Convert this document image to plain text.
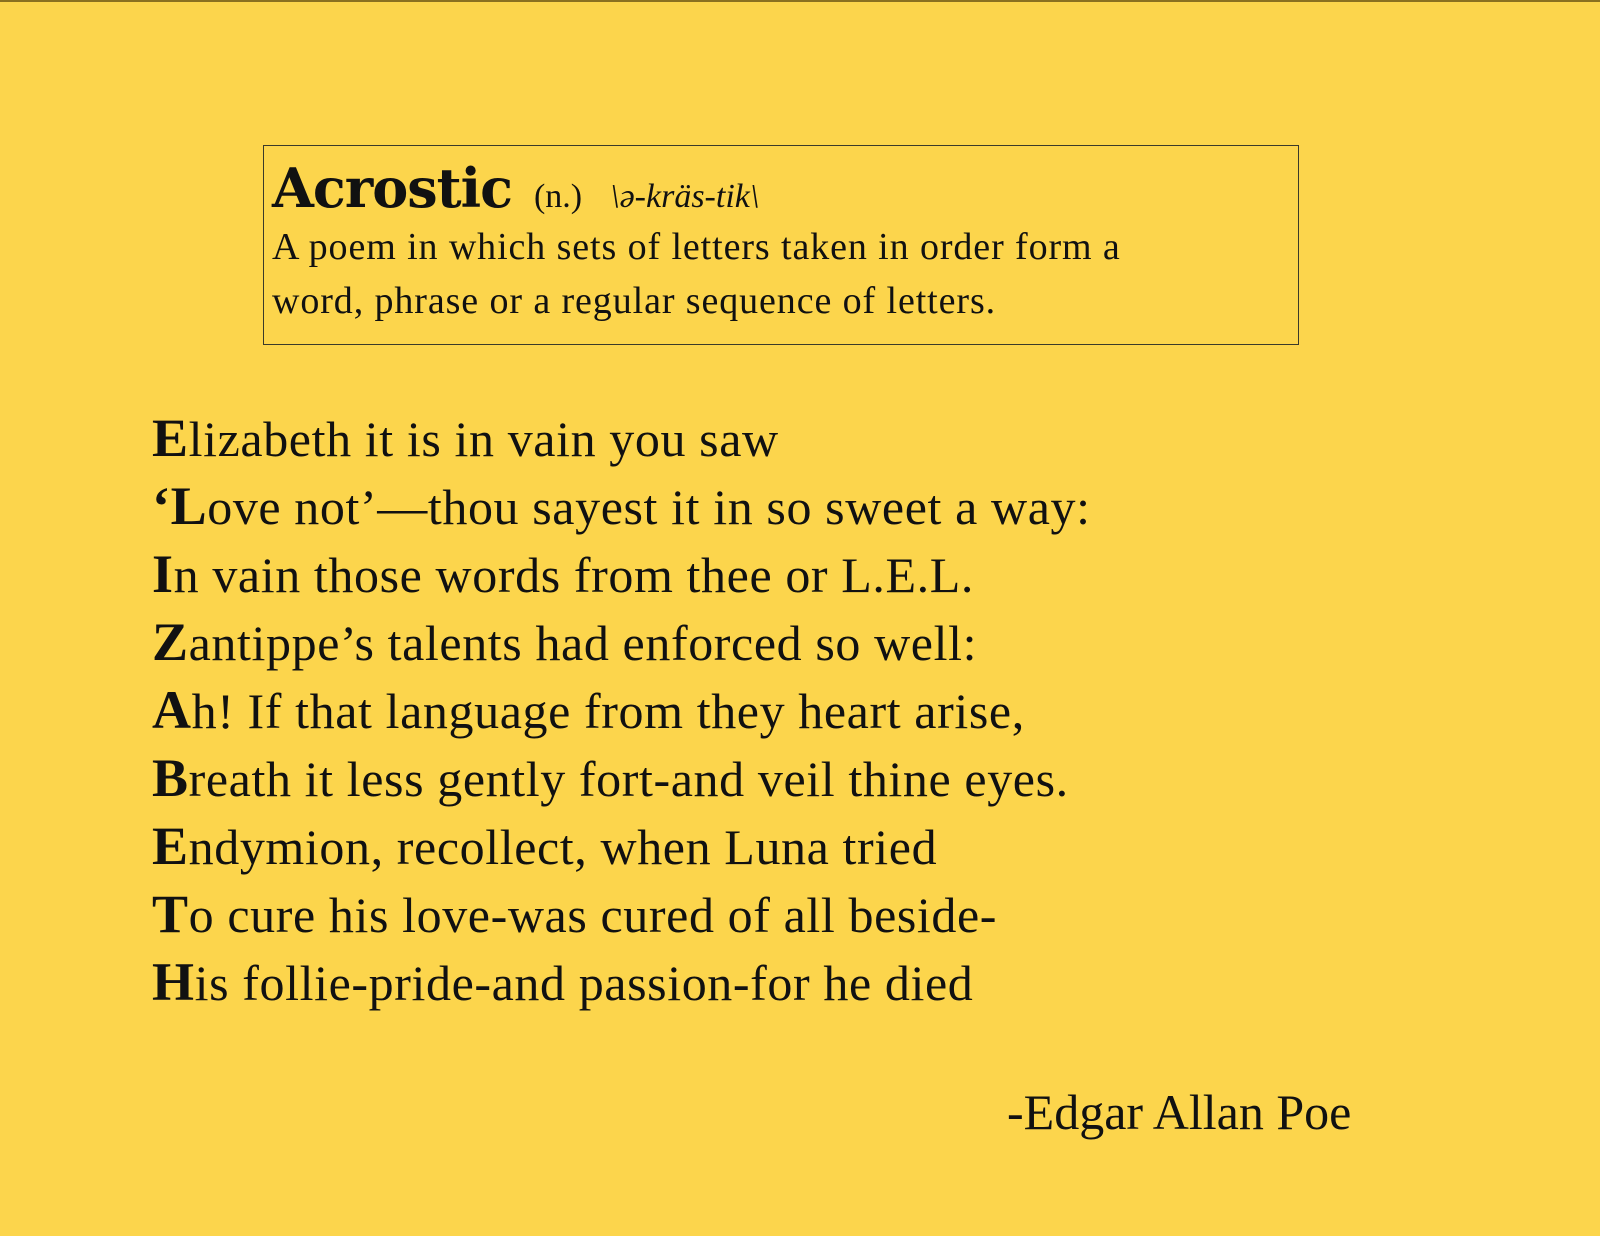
Acrostic (n.) \ə-kräs-tik\
A poem in which sets of letters taken in order form a
word, phrase or a regular sequence of letters.
Elizabeth it is in vain you saw
‘Love not’—thou sayest it in so sweet a way:
In vain those words from thee or L.E.L.
Zantippe’s talents had enforced so well:
Ah! If that language from they heart arise,
Breath it less gently fort-and veil thine eyes.
Endymion, recollect, when Luna tried
To cure his love-was cured of all beside-
His follie-pride-and passion-for he died
-Edgar Allan Poe
